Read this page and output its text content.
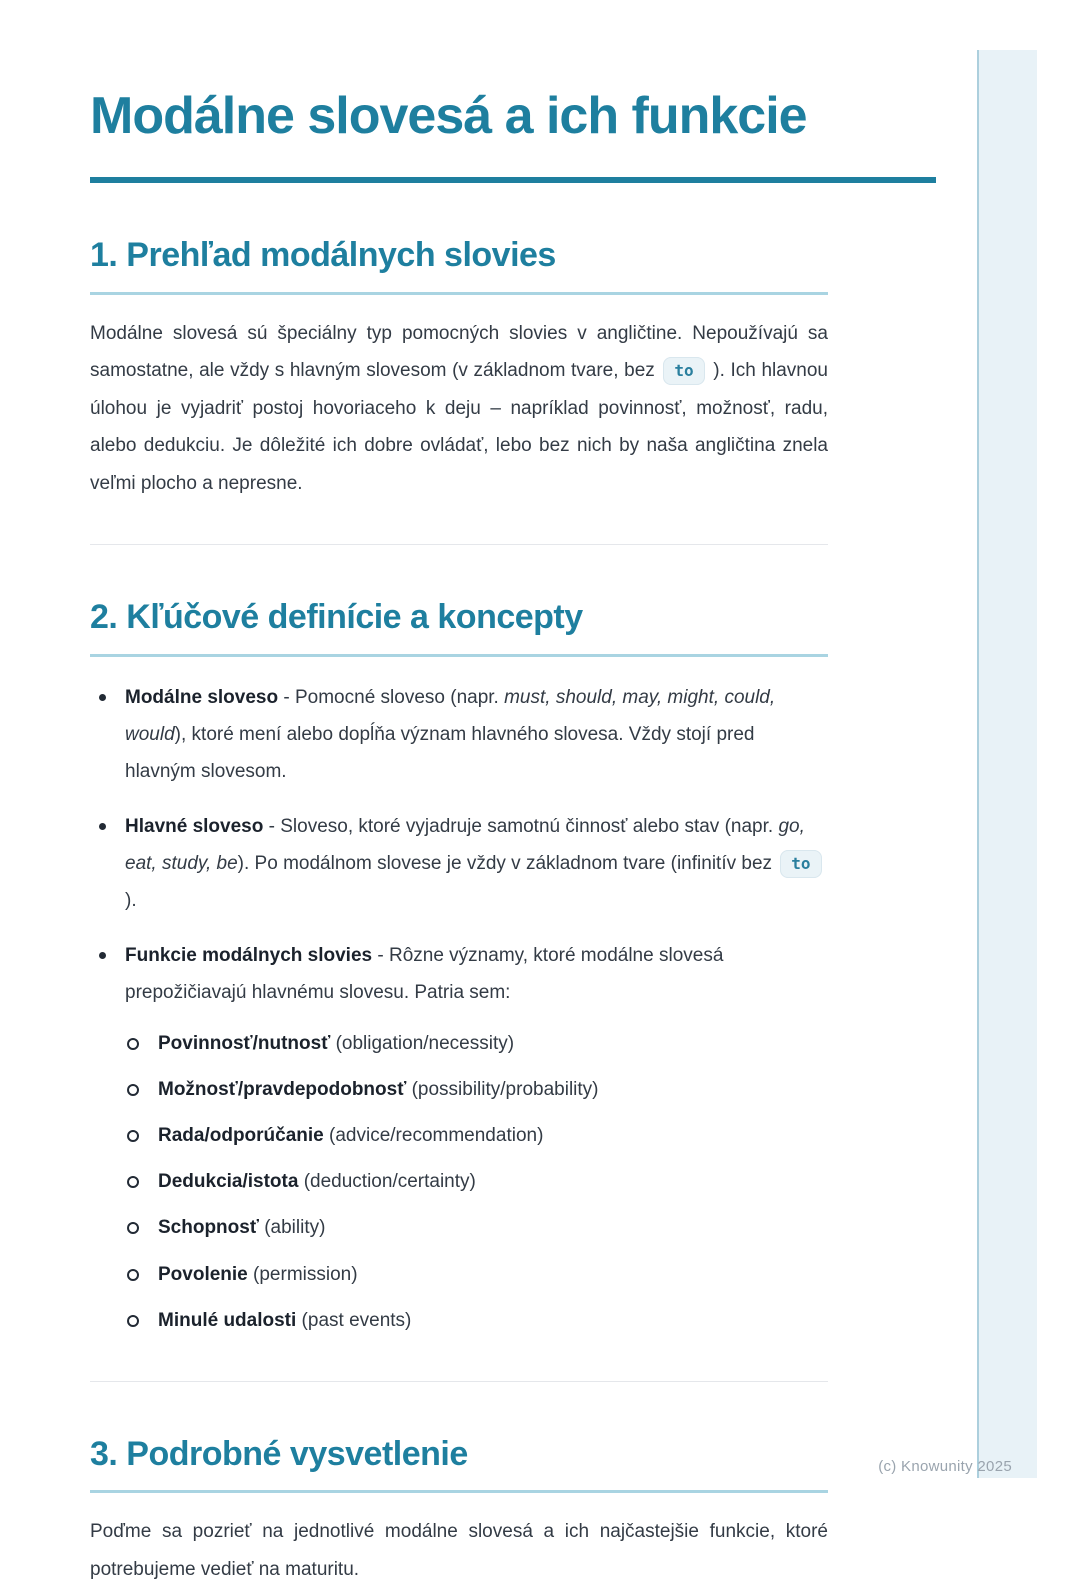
Modálne slovesá a ich funkcie
1. Prehľad modálnych slovies

Modálne slovesá sú špeciálny typ pomocných slovies v angličtine. Nepoužívajú sa samostatne, ale vždy s hlavným slovesom (v základnom tvare, bez to ). Ich hlavnou úlohou je vyjadriť postoj hovoriaceho k deju – napríklad povinnosť, možnosť, radu, alebo dedukciu. Je dôležité ich dobre ovládať, lebo bez nich by naša angličtina znela veľmi plocho a nepresne.

2. Kľúčové definície a koncepty
Modálne sloveso - Pomocné sloveso (napr. must, should, may, might, could, would), ktoré mení alebo dopĺňa význam hlavného slovesa. Vždy stojí pred hlavným slovesom.
Hlavné sloveso - Sloveso, ktoré vyjadruje samotnú činnosť alebo stav (napr. go, eat, study, be). Po modálnom slovese je vždy v základnom tvare (infinitív bez to ).
Funkcie modálnych slovies - Rôzne významy, ktoré modálne slovesá prepožičiavajú hlavnému slovesu. Patria sem:
Povinnosť/nutnosť (obligation/necessity)
Možnosť/pravdepodobnosť (possibility/probability)
Rada/odporúčanie (advice/recommendation)
Dedukcia/istota (deduction/certainty)
Schopnosť (ability)
Povolenie (permission)
Minulé udalosti (past events)
3. Podrobné vysvetlenie

Poďme sa pozrieť na jednotlivé modálne slovesá a ich najčastejšie funkcie, ktoré potrebujeme vedieť na maturitu.

(c) Knowunity 2025
